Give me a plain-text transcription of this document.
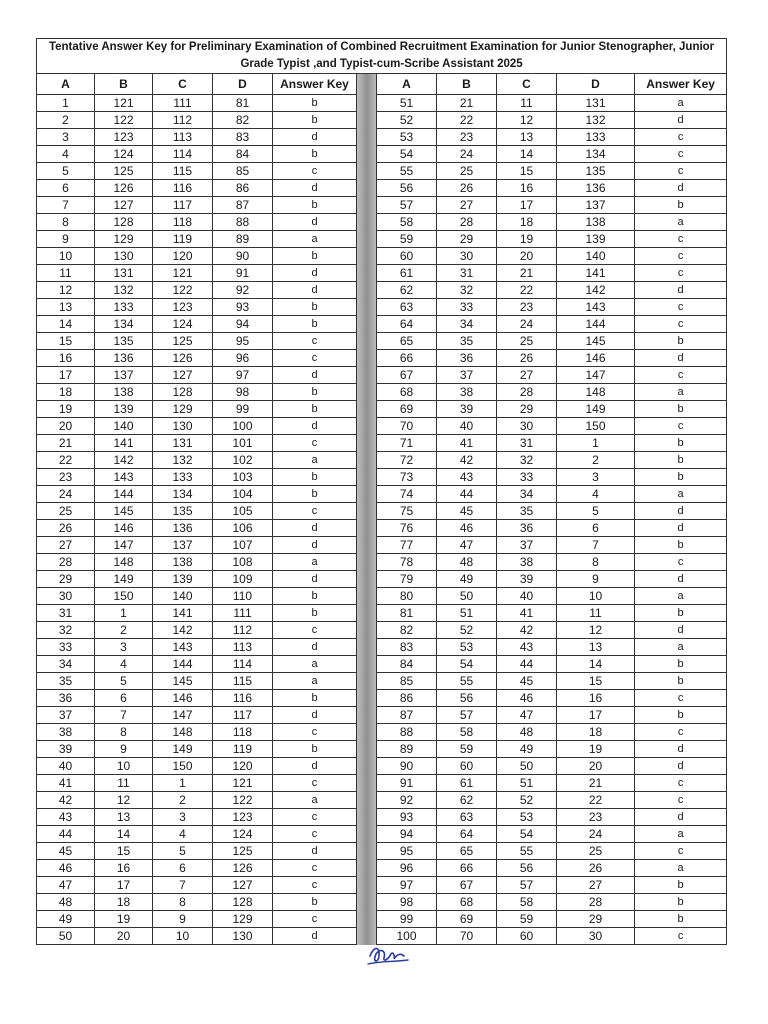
Tentative Answer Key for Preliminary Examination of Combined Recruitment Examination for Junior Stenographer, Junior Grade Typist ,and Typist-cum-Scribe Assistant 2025										
A	B	C	D	Answer Key		A	B	C	D	Answer Key
1	121	111	81	b		51	21	11	131	a
2	122	112	82	b		52	22	12	132	d
3	123	113	83	d		53	23	13	133	c
4	124	114	84	b		54	24	14	134	c
5	125	115	85	c		55	25	15	135	c
6	126	116	86	d		56	26	16	136	d
7	127	117	87	b		57	27	17	137	b
8	128	118	88	d		58	28	18	138	a
9	129	119	89	a		59	29	19	139	c
10	130	120	90	b		60	30	20	140	c
11	131	121	91	d		61	31	21	141	c
12	132	122	92	d		62	32	22	142	d
13	133	123	93	b		63	33	23	143	c
14	134	124	94	b		64	34	24	144	c
15	135	125	95	c		65	35	25	145	b
16	136	126	96	c		66	36	26	146	d
17	137	127	97	d		67	37	27	147	c
18	138	128	98	b		68	38	28	148	a
19	139	129	99	b		69	39	29	149	b
20	140	130	100	d		70	40	30	150	c
21	141	131	101	c		71	41	31	1	b
22	142	132	102	a		72	42	32	2	b
23	143	133	103	b		73	43	33	3	b
24	144	134	104	b		74	44	34	4	a
25	145	135	105	c		75	45	35	5	d
26	146	136	106	d		76	46	36	6	d
27	147	137	107	d		77	47	37	7	b
28	148	138	108	a		78	48	38	8	c
29	149	139	109	d		79	49	39	9	d
30	150	140	110	b		80	50	40	10	a
31	1	141	111	b		81	51	41	11	b
32	2	142	112	c		82	52	42	12	d
33	3	143	113	d		83	53	43	13	a
34	4	144	114	a		84	54	44	14	b
35	5	145	115	a		85	55	45	15	b
36	6	146	116	b		86	56	46	16	c
37	7	147	117	d		87	57	47	17	b
38	8	148	118	c		88	58	48	18	c
39	9	149	119	b		89	59	49	19	d
40	10	150	120	d		90	60	50	20	d
41	11	1	121	c		91	61	51	21	c
42	12	2	122	a		92	62	52	22	c
43	13	3	123	c		93	63	53	23	d
44	14	4	124	c		94	64	54	24	a
45	15	5	125	d		95	65	55	25	c
46	16	6	126	c		96	66	56	26	a
47	17	7	127	c		97	67	57	27	b
48	18	8	128	b		98	68	58	28	b
49	19	9	129	c		99	69	59	29	b
50	20	10	130	d		100	70	60	30	c
